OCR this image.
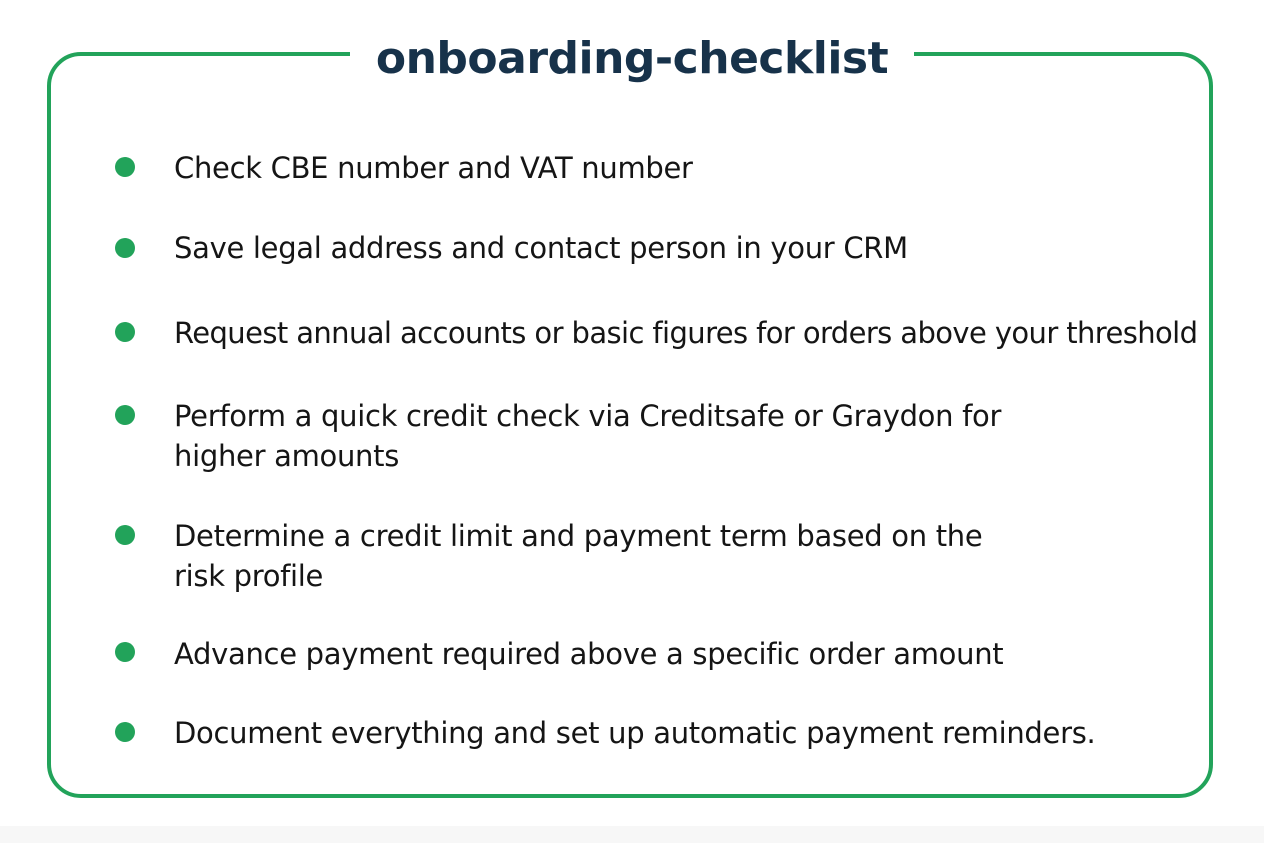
onboarding-checklist
Check CBE number and VAT number
Save legal address and contact person in your CRM
Request annual accounts or basic figures for orders above your threshold
Perform a quick credit check via Creditsafe or Graydon for
higher amounts
Determine a credit limit and payment term based on the
risk profile
Advance payment required above a specific order amount
Document everything and set up automatic payment reminders.
